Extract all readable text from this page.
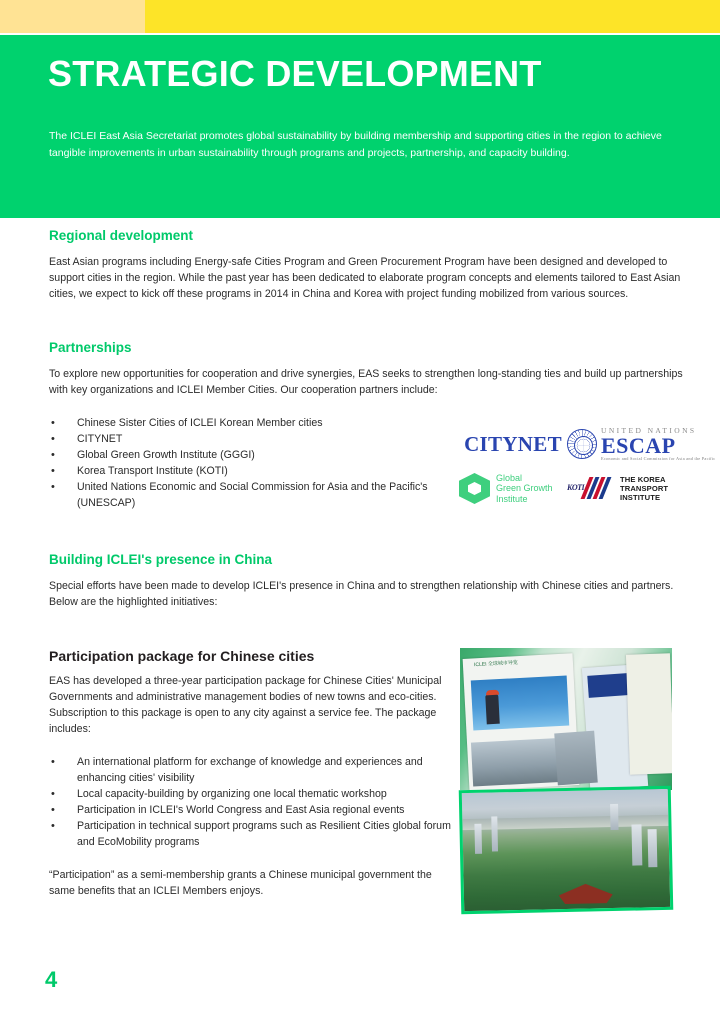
STRATEGIC DEVELOPMENT
The ICLEI East Asia Secretariat promotes global sustainability by building membership and supporting cities in the region to achieve tangible improvements in urban sustainability through programs and projects, partnership, and capacity building.
Regional development

East Asian programs including Energy-safe Cities Program and Green Procurement Program have been designed and developed to support cities in the region. While the past year has been dedicated to elaborate program concepts and elements tailored to East Asian cities, we expect to kick off these programs in 2014 in China and Korea with project funding mobilized from various sources.

Partnerships

To explore new opportunities for cooperation and drive synergies, EAS seeks to strengthen long-standing ties and build up partnerships with key organizations and ICLEI Member Cities. Our cooperation partners include:

• Chinese Sister Cities of ICLEI Korean Member cities
• CITYNET
• Global Green Growth Institute (GGGI)
• Korea Transport Institute (KOTI)
• United Nations Economic and Social Commission for Asia and the Pacific's (UNESCAP)
CITYNET
UNITED NATIONS
ESCAP
Economic and Social Commission for Asia and the Pacific
Global
Green Growth
Institute
KOTI
THE KOREA
TRANSPORT INSTITUTE
Building ICLEI's presence in China

Special efforts have been made to develop ICLEI's presence in China and to strengthen relationship with Chinese cities and partners. Below are the highlighted initiatives:

Participation package for Chinese cities

EAS has developed a three-year participation package for Chinese Cities' Municipal Governments and administrative management bodies of new towns and eco-cities. Subscription to this package is open to any city against a service fee. The package includes:

• An international platform for exchange of knowledge and experiences and enhancing cities' visibility
• Local capacity-building by organizing one local thematic workshop
• Participation in ICLEI's World Congress and East Asia regional events
• Participation in technical support programs such as Resilient Cities global forum and EcoMobility programs

“Participation” as a semi-membership grants a Chinese municipal government the same benefits that an ICLEI Members enjoys.

ICLEI 全球城市导览
4
